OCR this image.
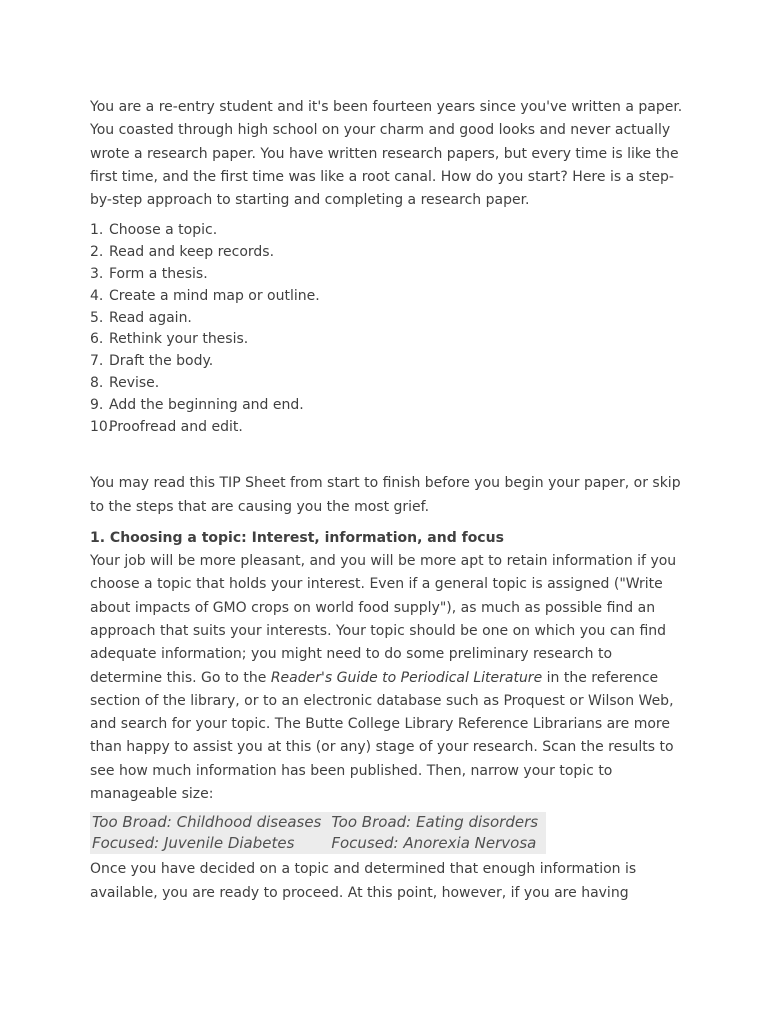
You are a re-entry student and it's been fourteen years since you've written a paper. You coasted through high school on your charm and good looks and never actually wrote a research paper. You have written research papers, but every time is like the first time, and the first time was like a root canal. How do you start? Here is a step-by-step approach to starting and completing a research paper.

1. Choose a topic.
2. Read and keep records.
3. Form a thesis.
4. Create a mind map or outline.
5. Read again.
6. Rethink your thesis.
7. Draft the body.
8. Revise.
9. Add the beginning and end.
10.
Proofread and edit.

You may read this TIP Sheet from start to finish before you begin your paper, or skip to the steps that are causing you the most grief.

1. Choosing a topic: Interest, information, and focus

Your job will be more pleasant, and you will be more apt to retain information if you choose a topic that holds your interest. Even if a general topic is assigned ("Write about impacts of GMO crops on world food supply"), as much as possible find an approach that suits your interests. Your topic should be one on which you can find adequate information; you might need to do some preliminary research to determine this. Go to the Reader's Guide to Periodical Literature in the reference section of the library, or to an electronic database such as Proquest or Wilson Web, and search for your topic. The Butte College Library Reference Librarians are more than happy to assist you at this (or any) stage of your research. Scan the results to see how much information has been published. Then, narrow your topic to manageable size:

Too Broad: Childhood diseases	Too Broad: Eating disorders
Focused: Juvenile Diabetes	Focused: Anorexia Nervosa

Once you have decided on a topic and determined that enough information is available, you are ready to proceed. At this point, however, if you are having
